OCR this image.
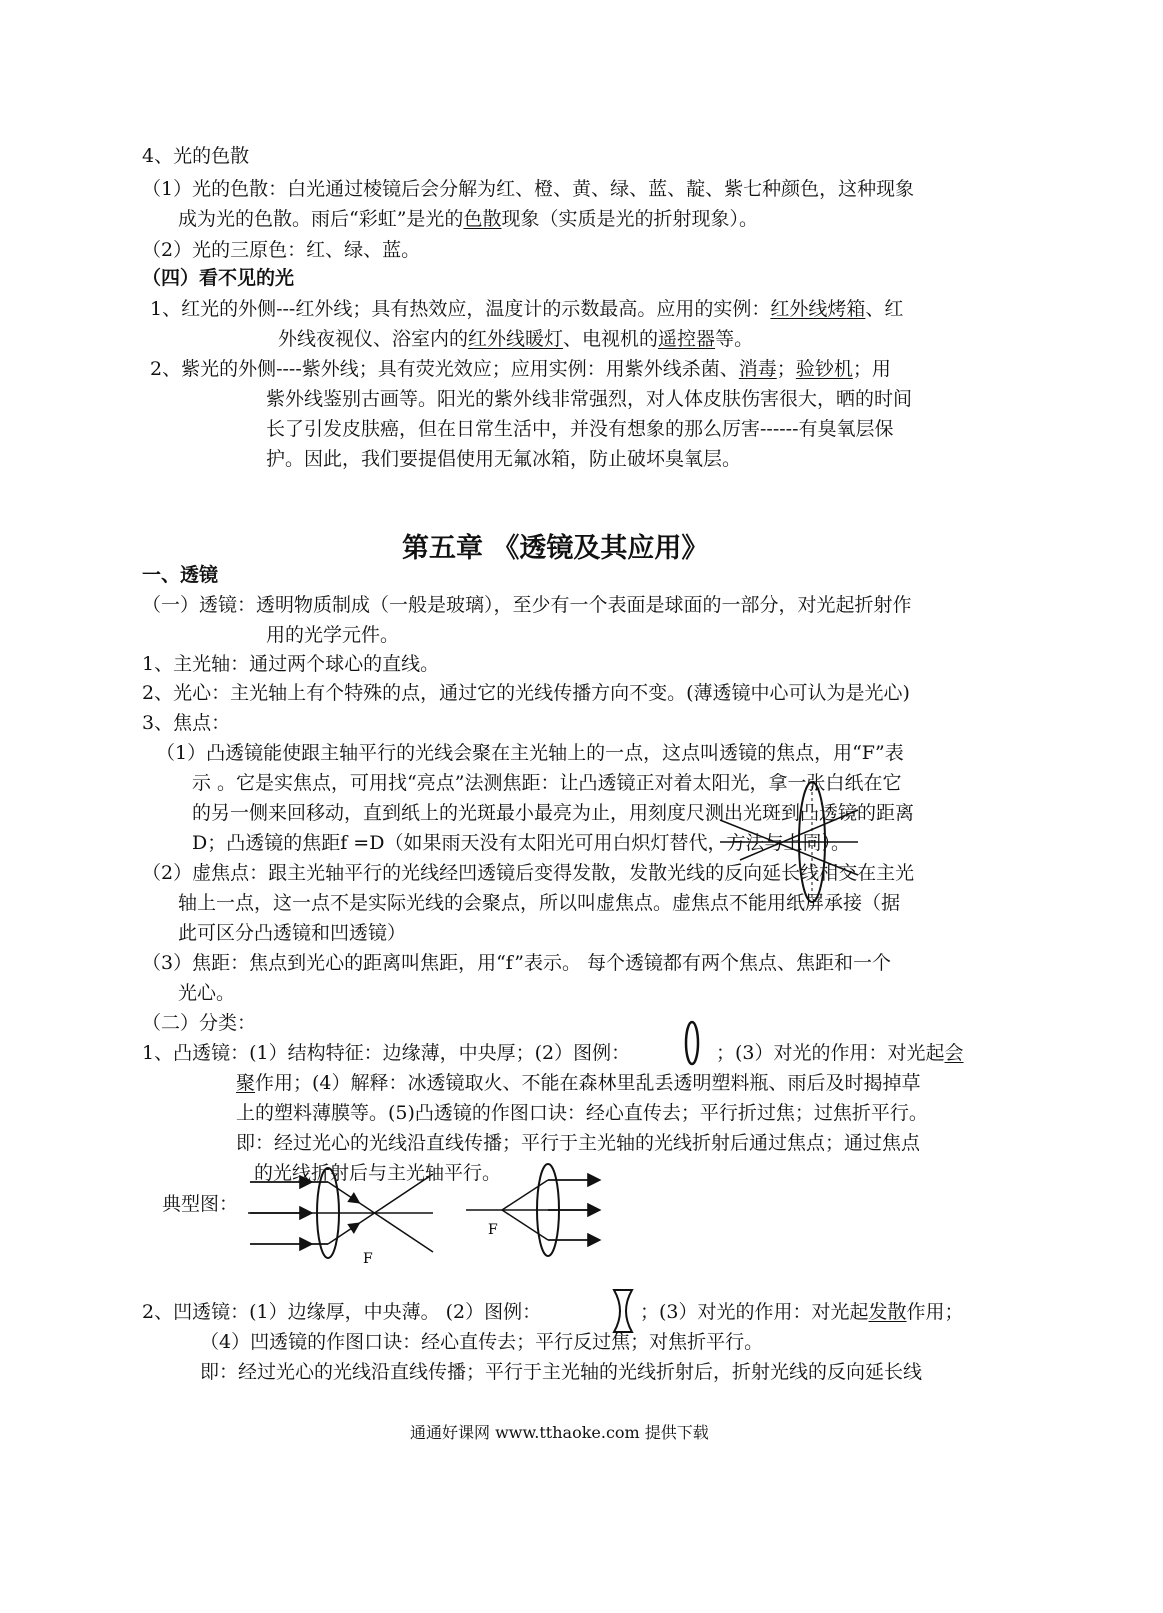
4、光的色散
（1）光的色散：白光通过棱镜后会分解为红、橙、黄、绿、蓝、靛、紫七种颜色，这种现象
成为光的色散。雨后“彩虹”是光的色散现象（实质是光的折射现象）。
（2）光的三原色：红、绿、蓝。
（四）看不见的光
1、红光的外侧---红外线；具有热效应，温度计的示数最高。应用的实例：红外线烤箱、红
外线夜视仪、浴室内的红外线暖灯、电视机的遥控器等。
2、紫光的外侧----紫外线；具有荧光效应；应用实例：用紫外线杀菌、消毒；验钞机；用
紫外线鉴别古画等。阳光的紫外线非常强烈，对人体皮肤伤害很大，晒的时间
长了引发皮肤癌，但在日常生活中，并没有想象的那么厉害------有臭氧层保
护。因此，我们要提倡使用无氟冰箱，防止破坏臭氧层。
第五章 《透镜及其应用》
一、透镜
（一）透镜：透明物质制成（一般是玻璃），至少有一个表面是球面的一部分，对光起折射作
用的光学元件。
1、主光轴：通过两个球心的直线。
2、光心：主光轴上有个特殊的点，通过它的光线传播方向不变。(薄透镜中心可认为是光心)
3、焦点：
（1）凸透镜能使跟主轴平行的光线会聚在主光轴上的一点，这点叫透镜的焦点，用“F”表
示 。它是实焦点，可用找“亮点”法测焦距：让凸透镜正对着太阳光，拿一张白纸在它
的另一侧来回移动，直到纸上的光斑最小最亮为止，用刻度尺测出光斑到凸透镜的距离
D；凸透镜的焦距f =D（如果雨天没有太阳光可用白炽灯替代，方法与上同）。
（2）虚焦点：跟主光轴平行的光线经凹透镜后变得发散，发散光线的反向延长线相交在主光
轴上一点，这一点不是实际光线的会聚点，所以叫虚焦点。虚焦点不能用纸屏承接（据
此可区分凸透镜和凹透镜）
（3）焦距：焦点到光心的距离叫焦距，用“f”表示。 每个透镜都有两个焦点、焦距和一个
光心。
（二）分类：
1、凸透镜：(1）结构特征：边缘薄，中央厚；(2）图例：	；(3）对光的作用：对光起会
聚作用；(4）解释：冰透镜取火、不能在森林里乱丢透明塑料瓶、雨后及时揭掉草
上的塑料薄膜等。(5)凸透镜的作图口诀：经心直传去；平行折过焦；过焦折平行。
即：经过光心的光线沿直线传播；平行于主光轴的光线折射后通过焦点；通过焦点
的光线折射后与主光轴平行。
典型图：
F
F
2、凹透镜：(1）边缘厚，中央薄。 (2）图例：	；(3）对光的作用：对光起发散作用；
（4）凹透镜的作图口诀：经心直传去；平行反过焦；对焦折平行。
即：经过光心的光线沿直线传播；平行于主光轴的光线折射后，折射光线的反向延长线
通通好课网 www.tthaoke.com 提供下载
